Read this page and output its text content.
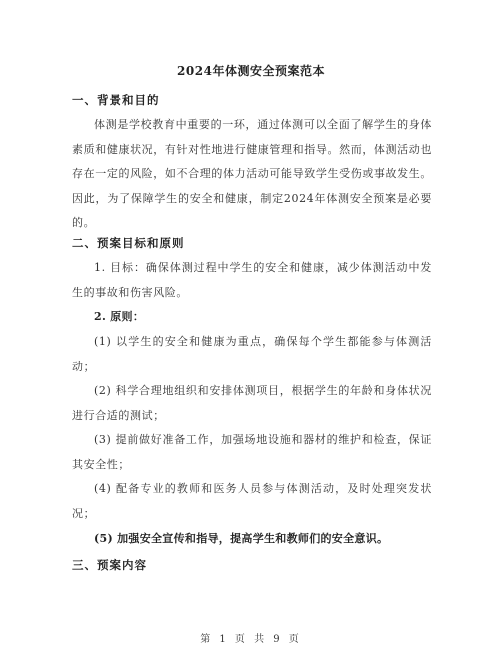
2024年体测安全预案范本
一、背景和目的
体测是学校教育中重要的一环，通过体测可以全面了解学生的身体素质和健康状况，有针对性地进行健康管理和指导。然而，体测活动也存在一定的风险，如不合理的体力活动可能导致学生受伤或事故发生。因此，为了保障学生的安全和健康，制定2024年体测安全预案是必要的。
二、预案目标和原则
1. 目标：确保体测过程中学生的安全和健康，减少体测活动中发生的事故和伤害风险。
2. 原则：
(1) 以学生的安全和健康为重点，确保每个学生都能参与体测活动；
(2) 科学合理地组织和安排体测项目，根据学生的年龄和身体状况进行合适的测试；
(3) 提前做好准备工作，加强场地设施和器材的维护和检查，保证其安全性；
(4) 配备专业的教师和医务人员参与体测活动，及时处理突发状况；
(5) 加强安全宣传和指导，提高学生和教师们的安全意识。
三、预案内容
第 1 页 共 9 页
